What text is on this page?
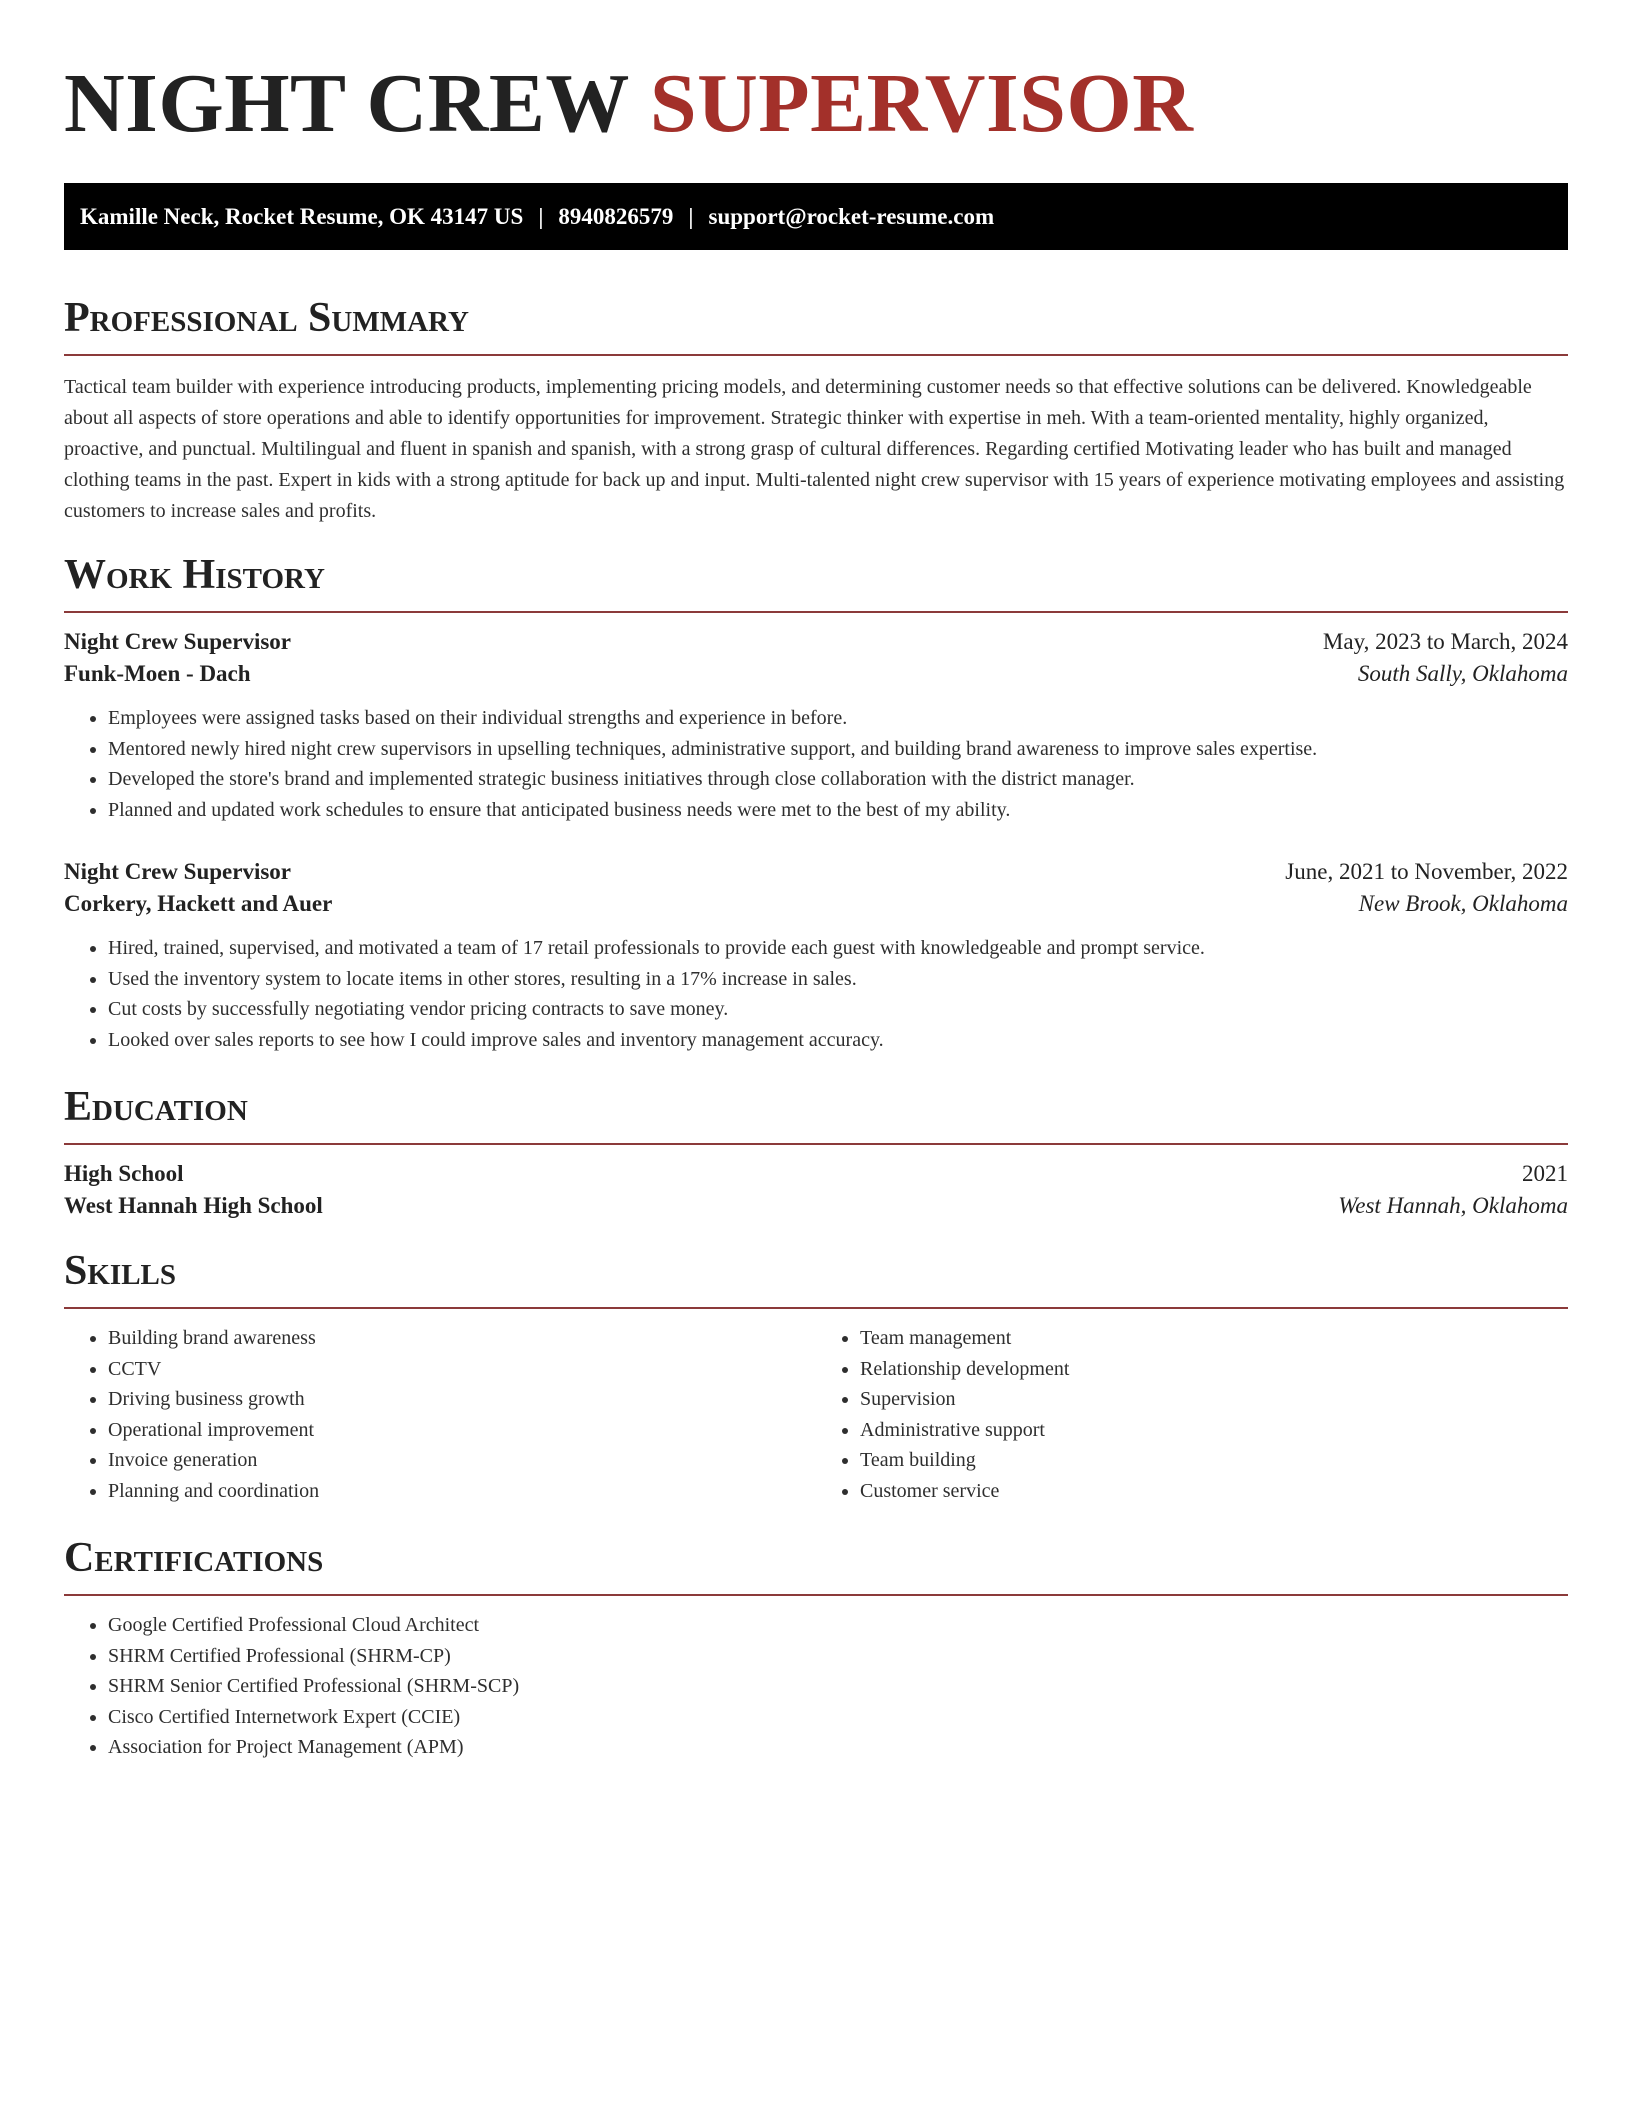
NIGHT CREW SUPERVISOR
Kamille Neck, Rocket Resume, OK 43147 US | 8940826579 | support@rocket-resume.com
Professional Summary

Tactical team builder with experience introducing products, implementing pricing models, and determining customer needs so that effective solutions can be delivered. Knowledgeable about all aspects of store operations and able to identify opportunities for improvement. Strategic thinker with expertise in meh. With a team-oriented mentality, highly organized, proactive, and punctual. Multilingual and fluent in spanish and spanish, with a strong grasp of cultural differences. Regarding certified Motivating leader who has built and managed clothing teams in the past. Expert in kids with a strong aptitude for back up and input. Multi-talented night crew supervisor with 15 years of experience motivating employees and assisting customers to increase sales and profits.

Work History
Night Crew Supervisor	May, 2023 to March, 2024
Funk-Moen - Dach	South Sally, Oklahoma
• Employees were assigned tasks based on their individual strengths and experience in before.
• Mentored newly hired night crew supervisors in upselling techniques, administrative support, and building brand awareness to improve sales expertise.
• Developed the store's brand and implemented strategic business initiatives through close collaboration with the district manager.
• Planned and updated work schedules to ensure that anticipated business needs were met to the best of my ability.
Night Crew Supervisor	June, 2021 to November, 2022
Corkery, Hackett and Auer	New Brook, Oklahoma
• Hired, trained, supervised, and motivated a team of 17 retail professionals to provide each guest with knowledgeable and prompt service.
• Used the inventory system to locate items in other stores, resulting in a 17% increase in sales.
• Cut costs by successfully negotiating vendor pricing contracts to save money.
• Looked over sales reports to see how I could improve sales and inventory management accuracy.
Education
High School	2021
West Hannah High School	West Hannah, Oklahoma
Skills
• Building brand awareness
• CCTV
• Driving business growth
• Operational improvement
• Invoice generation
• Planning and coordination
• Team management
• Relationship development
• Supervision
• Administrative support
• Team building
• Customer service
Certifications
• Google Certified Professional Cloud Architect
• SHRM Certified Professional (SHRM-CP)
• SHRM Senior Certified Professional (SHRM-SCP)
• Cisco Certified Internetwork Expert (CCIE)
• Association for Project Management (APM)
